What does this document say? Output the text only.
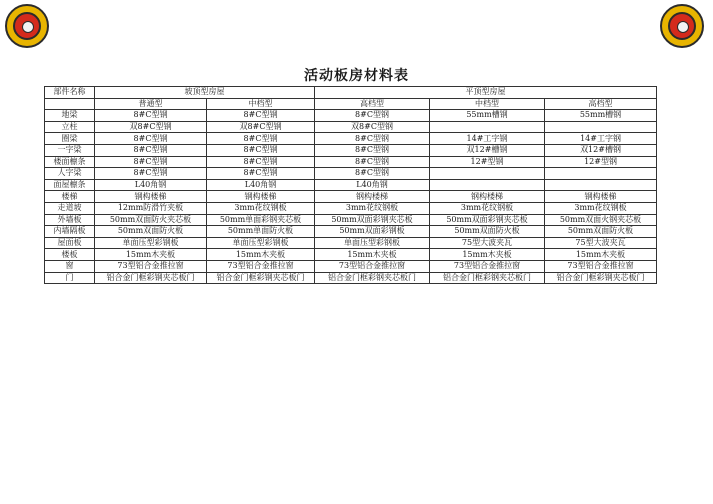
活动板房材料表
部件名称	坡顶型房屋		平顶型房屋		
	普通型	中档型	高档型	中档型	高档型
地梁	8#C型钢	8#C型钢	8#C型钢	55mm槽钢	55mm槽钢
立柱	双8#C型钢	双8#C型钢	双8#C型钢		
圈梁	8#C型钢	8#C型钢	8#C型钢	14#工字钢	14#工字钢
一字梁	8#C型钢	8#C型钢	8#C型钢	双12#槽钢	双12#槽钢
楼面檩条	8#C型钢	8#C型钢	8#C型钢	12#型钢	12#型钢
人字梁	8#C型钢	8#C型钢	8#C型钢		
面屋檩条	L40角钢	L40角钢	L40角钢		
楼梯	钢构楼梯	钢构楼梯	钢构楼梯	钢构楼梯	钢构楼梯
走道坡	12mm防滑竹夹板	3mm花纹钢板	3mm花纹钢板	3mm花纹钢板	3mm花纹钢板
外墙板	50mm双面防火夹芯板	50mm单面彩钢夹芯板	50mm双面彩钢夹芯板	50mm双面彩钢夹芯板	50mm双面火钢夹芯板
内墙隔板	50mm双面防火板	50mm单面防火板	50mm双面彩钢板	50mm双面防火板	50mm双面防火板
屋面板	单面压型彩钢板	单面压型彩钢板	单面压型彩钢板	75型大波夹瓦	75型大波夹瓦
楼板	15mm木夹板	15mm木夹板	15mm木夹板	15mm木夹板	15mm木夹板
窗	73型铝合金推拉窗	73型铝合金推拉窗	73型铝合金推拉窗	73型铝合金推拉窗	73型铝合金推拉窗
门	铝合金门框彩钢夹芯板门	铝合金门框彩钢夹芯板门	铝合金门框彩钢夹芯板门	铝合金门框彩钢夹芯板门	铝合金门框彩钢夹芯板门
